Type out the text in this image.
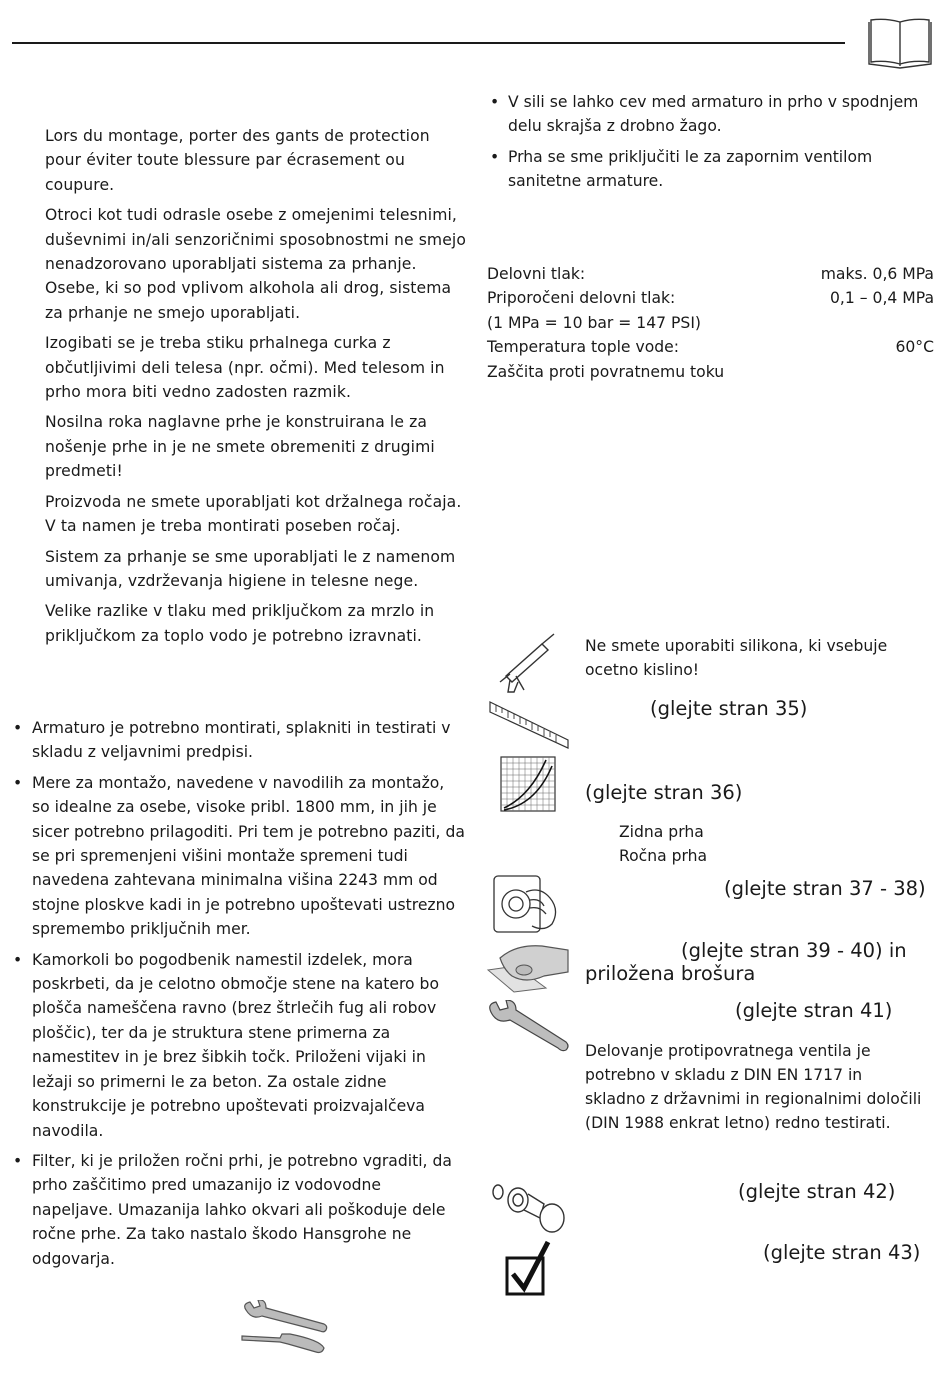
Lors du montage, porter des gants de protection pour éviter toute blessure par écrasement ou coupure.

Otroci kot tudi odrasle osebe z omejenimi telesnimi, duševnimi in/ali senzoričnimi sposobnostmi ne smejo nenadzorovano uporabljati sistema za prhanje. Osebe, ki so pod vplivom alkohola ali drog, sistema za prhanje ne smejo uporabljati.

Izogibati se je treba stiku prhalnega curka z občutljivimi deli telesa (npr. očmi). Med telesom in prho mora biti vedno zadosten razmik.

Nosilna roka naglavne prhe je konstruirana le za nošenje prhe in je ne smete obremeniti z drugimi predmeti!

Proizvoda ne smete uporabljati kot držalnega ročaja. V ta namen je treba montirati poseben ročaj.

Sistem za prhanje se sme uporabljati le z namenom umivanja, vzdrževanja higiene in telesne nege.

Velike razlike v tlaku med priključkom za mrzlo in priključkom za toplo vodo je potrebno izravnati.

• Armaturo je potrebno montirati, splakniti in testirati v skladu z veljavnimi predpisi.
• Mere za montažo, navedene v navodilih za montažo, so idealne za osebe, visoke pribl. 1800 mm, in jih je sicer potrebno prilagoditi. Pri tem je potrebno paziti, da se pri spremenjeni višini montaže spremeni tudi navedena zahtevana minimalna višina 2243 mm od stojne ploskve kadi in je potrebno upoštevati ustrezno spremembo priključnih mer.
• Kamorkoli bo pogodbenik namestil izdelek, mora poskrbeti, da je celotno območje stene na katero bo plošča nameščena ravno (brez štrlečih fug ali robov ploščic), ter da je struktura stene primerna za namestitev in je brez šibkih točk. Priloženi vijaki in ležaji so primerni le za beton. Za ostale zidne konstrukcije je potrebno upoštevati proizvajalčeva navodila.
• Filter, ki je priložen ročni prhi, je potrebno vgraditi, da prho zaščitimo pred umazanijo iz vodovodne napeljave. Umazanija lahko okvari ali poškoduje dele ročne prhe. Za tako nastalo škodo Hansgrohe ne odgovarja.
• V sili se lahko cev med armaturo in prho v spodnjem delu skrajša z drobno žago.
• Prha se sme priključiti le za zapornim ventilom sanitetne armature.
Delovni tlak:	maks. 0,6 MPa
Priporočeni delovni tlak:	0,1 – 0,4 MPa
(1 MPa = 10 bar = 147 PSI)
Temperatura tople vode:	60°C
Zaščita proti povratnemu toku
Ne smete uporabiti silikona, ki vsebuje
ocetno kislino!
(glejte stran 35)
(glejte stran 36)
Zidna prha
Ročna prha
(glejte stran 37 - 38)
(glejte stran 39 - 40) in
priložena brošura
(glejte stran 41)
Delovanje protipovratnega ventila je
potrebno v skladu z DIN EN 1717 in
skladno z državnimi in regionalnimi določili
(DIN 1988 enkrat letno) redno testirati.
(glejte stran 42)
(glejte stran 43)
